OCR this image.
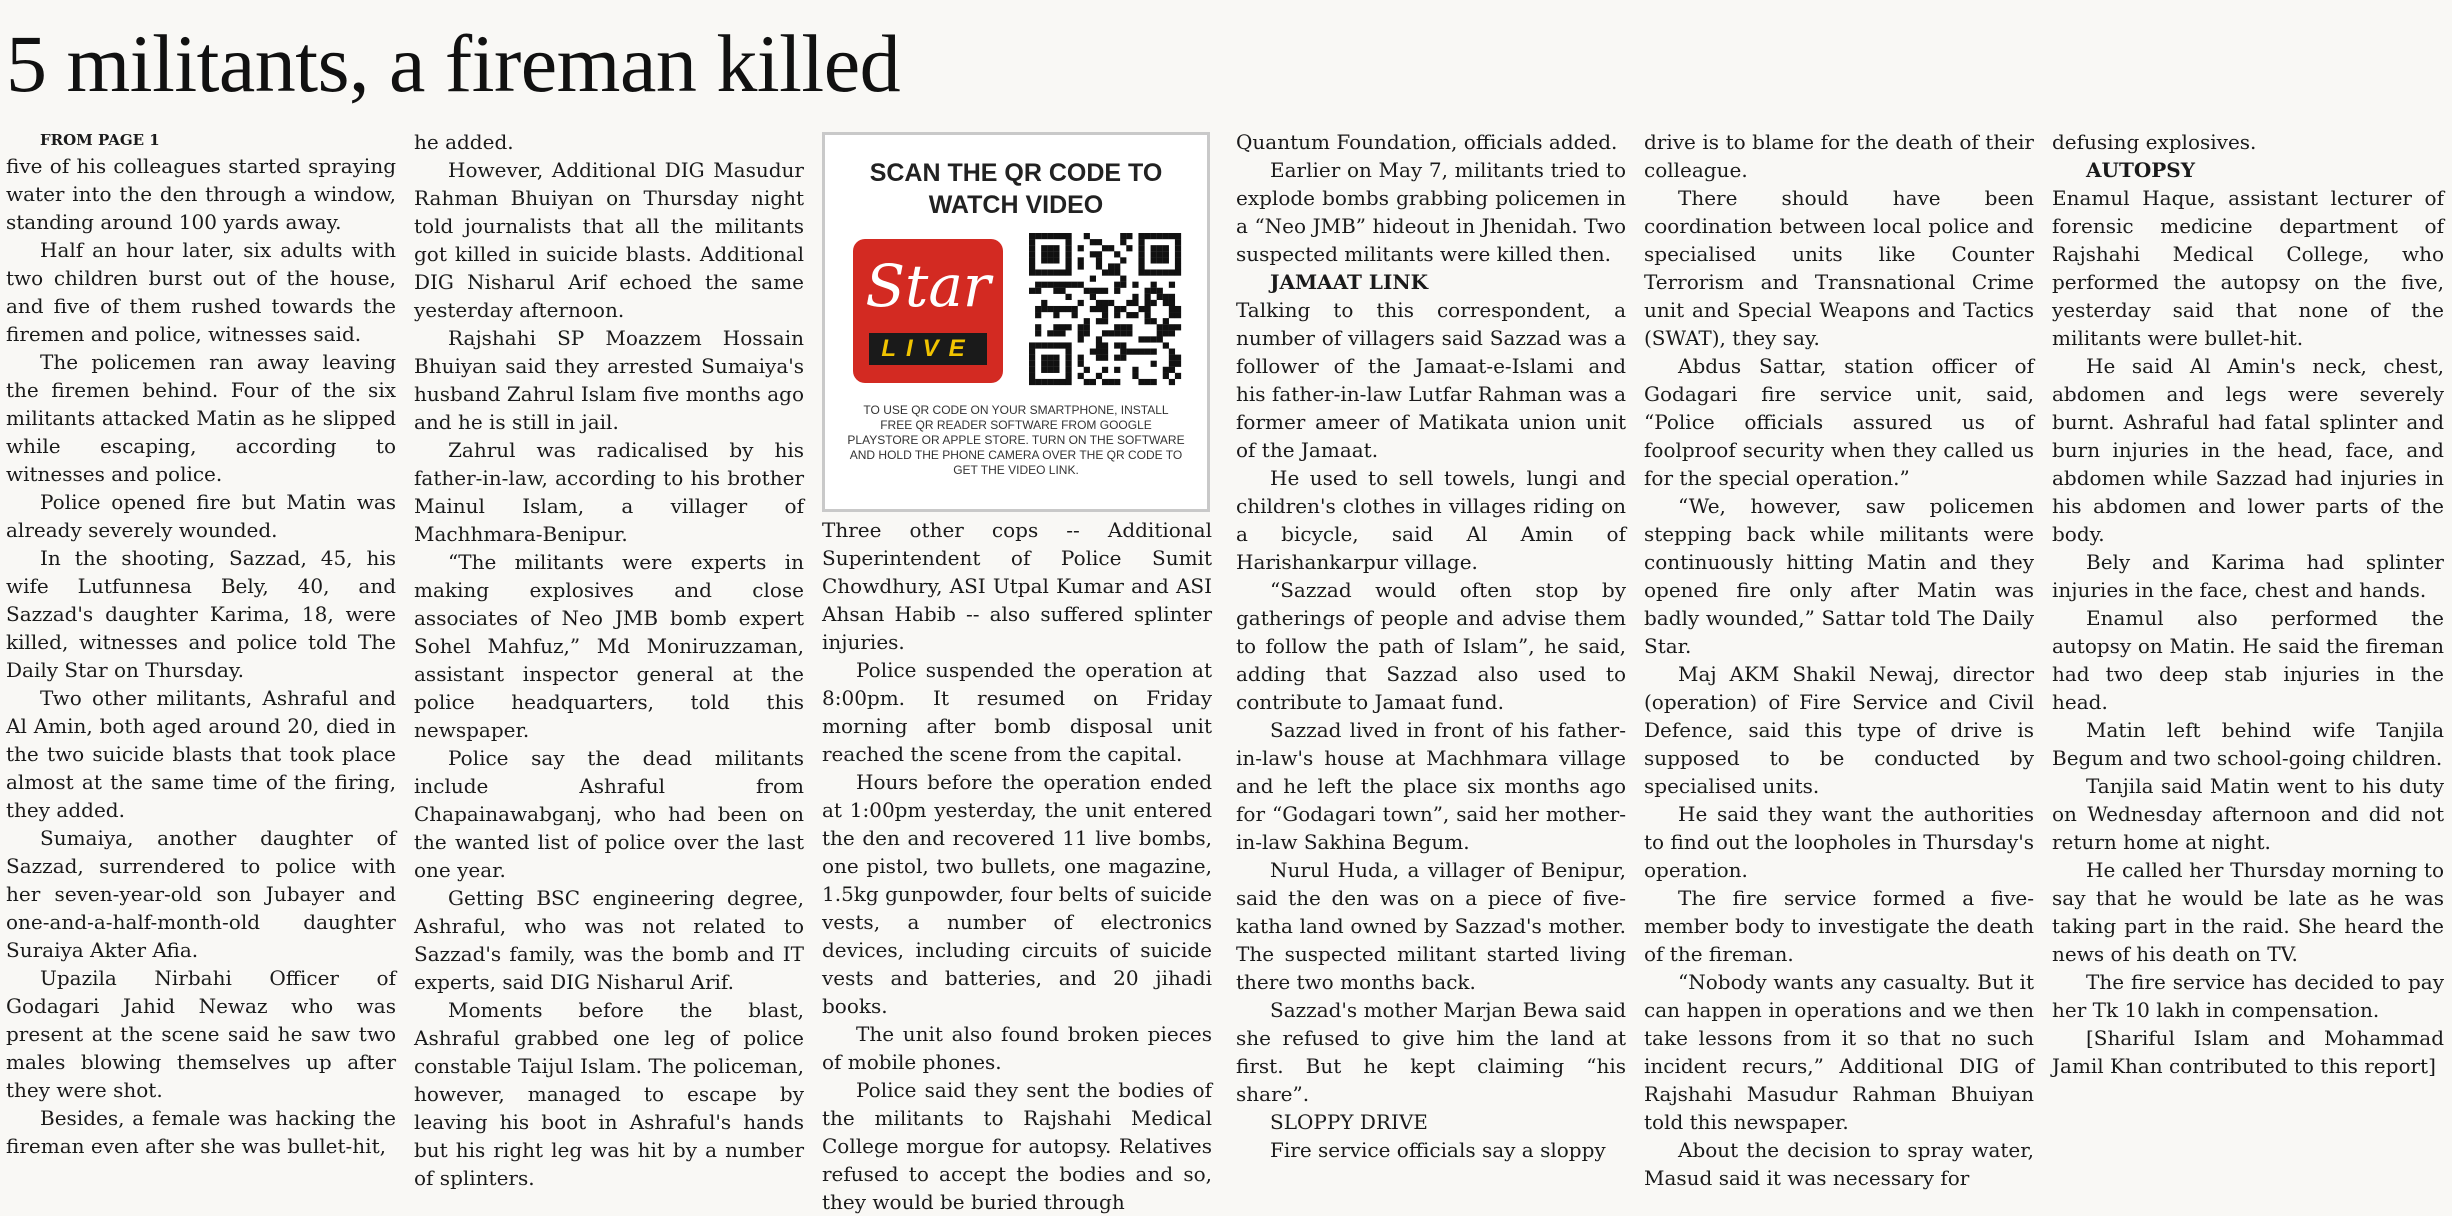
5 militants, a fireman killed

FROM PAGE 1

five of his colleagues started spraying water into the den through a window, standing around 100 yards away.

Half an hour later, six adults with two children burst out of the house, and five of them rushed towards the firemen and police, witnesses said.

The policemen ran away leaving the firemen behind. Four of the six militants attacked Matin as he slipped while escaping, according to witnesses and police.

Police opened fire but Matin was already severely wounded.

In the shooting, Sazzad, 45, his wife Lutfunnesa Bely, 40, and Sazzad's daughter Karima, 18, were killed, witnesses and police told The Daily Star on Thursday.

Two other militants, Ashraful and Al Amin, both aged around 20, died in the two suicide blasts that took place almost at the same time of the firing, they added.

Sumaiya, another daughter of Sazzad, surrendered to police with her seven-year-old son Jubayer and one-and-a-half-month-old daughter Suraiya Akter Afia.

Upazila Nirbahi Officer of Godagari Jahid Newaz who was present at the scene said he saw two males blowing themselves up after they were shot.

Besides, a female was hacking the fireman even after she was bullet-hit,

he added.

However, Additional DIG Masudur Rahman Bhuiyan on Thursday night told journalists that all the militants got killed in suicide blasts. Additional DIG Nisharul Arif echoed the same yesterday afternoon.

Rajshahi SP Moazzem Hossain Bhuiyan said they arrested Sumaiya's husband Zahrul Islam five months ago and he is still in jail.

Zahrul was radicalised by his father-in-law, according to his brother Mainul Islam, a villager of Machhmara-Benipur.

“The militants were experts in making explosives and close associates of Neo JMB bomb expert Sohel Mahfuz,” Md Moniruzzaman, assistant inspector general at the police headquarters, told this newspaper.

Police say the dead militants include Ashraful from Chapainawabganj, who had been on the wanted list of police over the last one year.

Getting BSC engineering degree, Ashraful, who was not related to Sazzad's family, was the bomb and IT experts, said DIG Nisharul Arif.

Moments before the blast, Ashraful grabbed one leg of police constable Taijul Islam. The policeman, however, managed to escape by leaving his boot in Ashraful's hands but his right leg was hit by a number of splinters.

SCAN THE QR CODE TO
WATCH VIDEO
Star
LIVE
TO USE QR CODE ON YOUR SMARTPHONE, INSTALL FREE QR READER SOFTWARE FROM GOOGLE PLAYSTORE OR APPLE STORE. TURN ON THE SOFTWARE AND HOLD THE PHONE CAMERA OVER THE QR CODE TO GET THE VIDEO LINK.

Three other cops -- Additional Superintendent of Police Sumit Chowdhury, ASI Utpal Kumar and ASI Ahsan Habib -- also suffered splinter injuries.

Police suspended the operation at 8:00pm. It resumed on Friday morning after bomb disposal unit reached the scene from the capital.

Hours before the operation ended at 1:00pm yesterday, the unit entered the den and recovered 11 live bombs, one pistol, two bullets, one magazine, 1.5kg gunpowder, four belts of suicide vests, a number of electronics devices, including circuits of suicide vests and batteries, and 20 jihadi books.

The unit also found broken pieces of mobile phones.

Police said they sent the bodies of the militants to Rajshahi Medical College morgue for autopsy. Relatives refused to accept the bodies and so, they would be buried through

Quantum Foundation, officials added.

Earlier on May 7, militants tried to explode bombs grabbing policemen in a “Neo JMB” hideout in Jhenidah. Two suspected militants were killed then.

JAMAAT LINK

Talking to this correspondent, a number of villagers said Sazzad was a follower of the Jamaat-e-Islami and his father-in-law Lutfar Rahman was a former ameer of Matikata union unit of the Jamaat.

He used to sell towels, lungi and children's clothes in villages riding on a bicycle, said Al Amin of Harishankarpur village.

“Sazzad would often stop by gatherings of people and advise them to follow the path of Islam”, he said, adding that Sazzad also used to contribute to Jamaat fund.

Sazzad lived in front of his father-in-law's house at Machhmara village and he left the place six months ago for “Godagari town”, said her mother-in-law Sakhina Begum.

Nurul Huda, a villager of Benipur, said the den was on a piece of five-katha land owned by Sazzad's mother. The suspected militant started living there two months back.

Sazzad's mother Marjan Bewa said she refused to give him the land at first. But he kept claiming “his share”.

SLOPPY DRIVE

Fire service officials say a sloppy

drive is to blame for the death of their colleague.

There should have been coordination between local police and specialised units like Counter Terrorism and Transnational Crime unit and Special Weapons and Tactics (SWAT), they say.

Abdus Sattar, station officer of Godagari fire service unit, said, “Police officials assured us of foolproof security when they called us for the special operation.”

“We, however, saw policemen stepping back while militants were continuously hitting Matin and they opened fire only after Matin was badly wounded,” Sattar told The Daily Star.

Maj AKM Shakil Newaj, director (operation) of Fire Service and Civil Defence, said this type of drive is supposed to be conducted by specialised units.

He said they want the authorities to find out the loopholes in Thursday's operation.

The fire service formed a five-member body to investigate the death of the fireman.

“Nobody wants any casualty. But it can happen in operations and we then take lessons from it so that no such incident recurs,” Additional DIG of Rajshahi Masudur Rahman Bhuiyan told this newspaper.

About the decision to spray water, Masud said it was necessary for

defusing explosives.

AUTOPSY

Enamul Haque, assistant lecturer of forensic medicine department of Rajshahi Medical College, who performed the autopsy on the five, yesterday said that none of the militants were bullet-hit.

He said Al Amin's neck, chest, abdomen and legs were severely burnt. Ashraful had fatal splinter and burn injuries in the head, face, and abdomen while Sazzad had injuries in his abdomen and lower parts of the body.

Bely and Karima had splinter injuries in the face, chest and hands.

Enamul also performed the autopsy on Matin. He said the fireman had two deep stab injuries in the head.

Matin left behind wife Tanjila Begum and two school-going children.

Tanjila said Matin went to his duty on Wednesday afternoon and did not return home at night.

He called her Thursday morning to say that he would be late as he was taking part in the raid. She heard the news of his death on TV.

The fire service has decided to pay her Tk 10 lakh in compensation.

[Shariful Islam and Mohammad Jamil Khan contributed to this report]
